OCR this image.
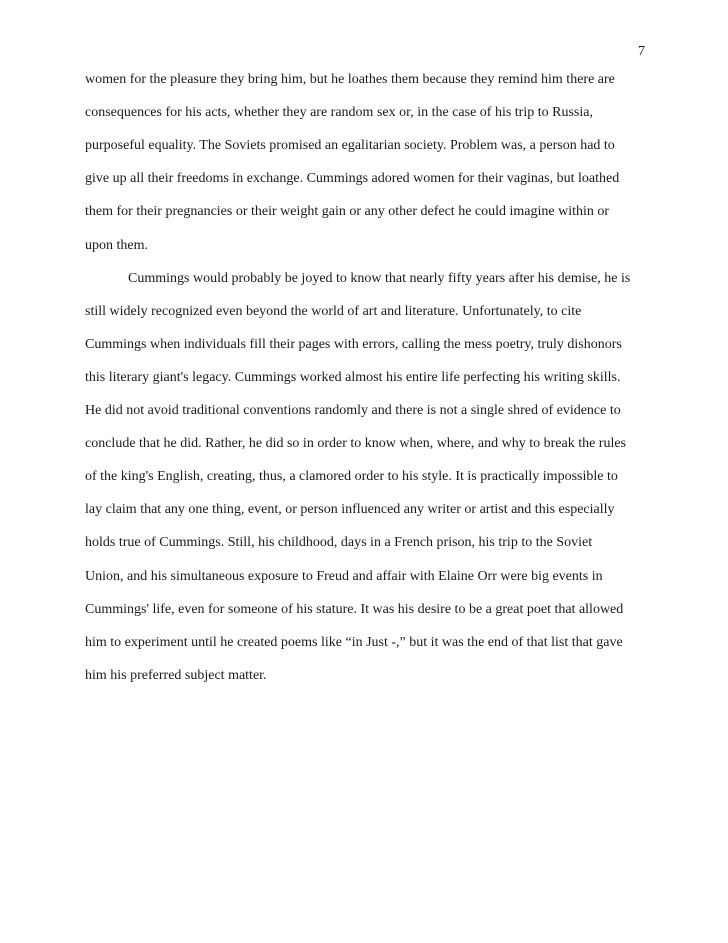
7
women for the pleasure they bring him, but he loathes them because they remind him there are
consequences for his acts, whether they are random sex or, in the case of his trip to Russia,
purposeful equality. The Soviets promised an egalitarian society. Problem was, a person had to
give up all their freedoms in exchange. Cummings adored women for their vaginas, but loathed
them for their pregnancies or their weight gain or any other defect he could imagine within or
upon them.
Cummings would probably be joyed to know that nearly fifty years after his demise, he is
still widely recognized even beyond the world of art and literature. Unfortunately, to cite
Cummings when individuals fill their pages with errors, calling the mess poetry, truly dishonors
this literary giant's legacy. Cummings worked almost his entire life perfecting his writing skills.
He did not avoid traditional conventions randomly and there is not a single shred of evidence to
conclude that he did. Rather, he did so in order to know when, where, and why to break the rules
of the king's English, creating, thus, a clamored order to his style. It is practically impossible to
lay claim that any one thing, event, or person influenced any writer or artist and this especially
holds true of Cummings. Still, his childhood, days in a French prison, his trip to the Soviet
Union, and his simultaneous exposure to Freud and affair with Elaine Orr were big events in
Cummings' life, even for someone of his stature. It was his desire to be a great poet that allowed
him to experiment until he created poems like “in Just -,” but it was the end of that list that gave
him his preferred subject matter.
